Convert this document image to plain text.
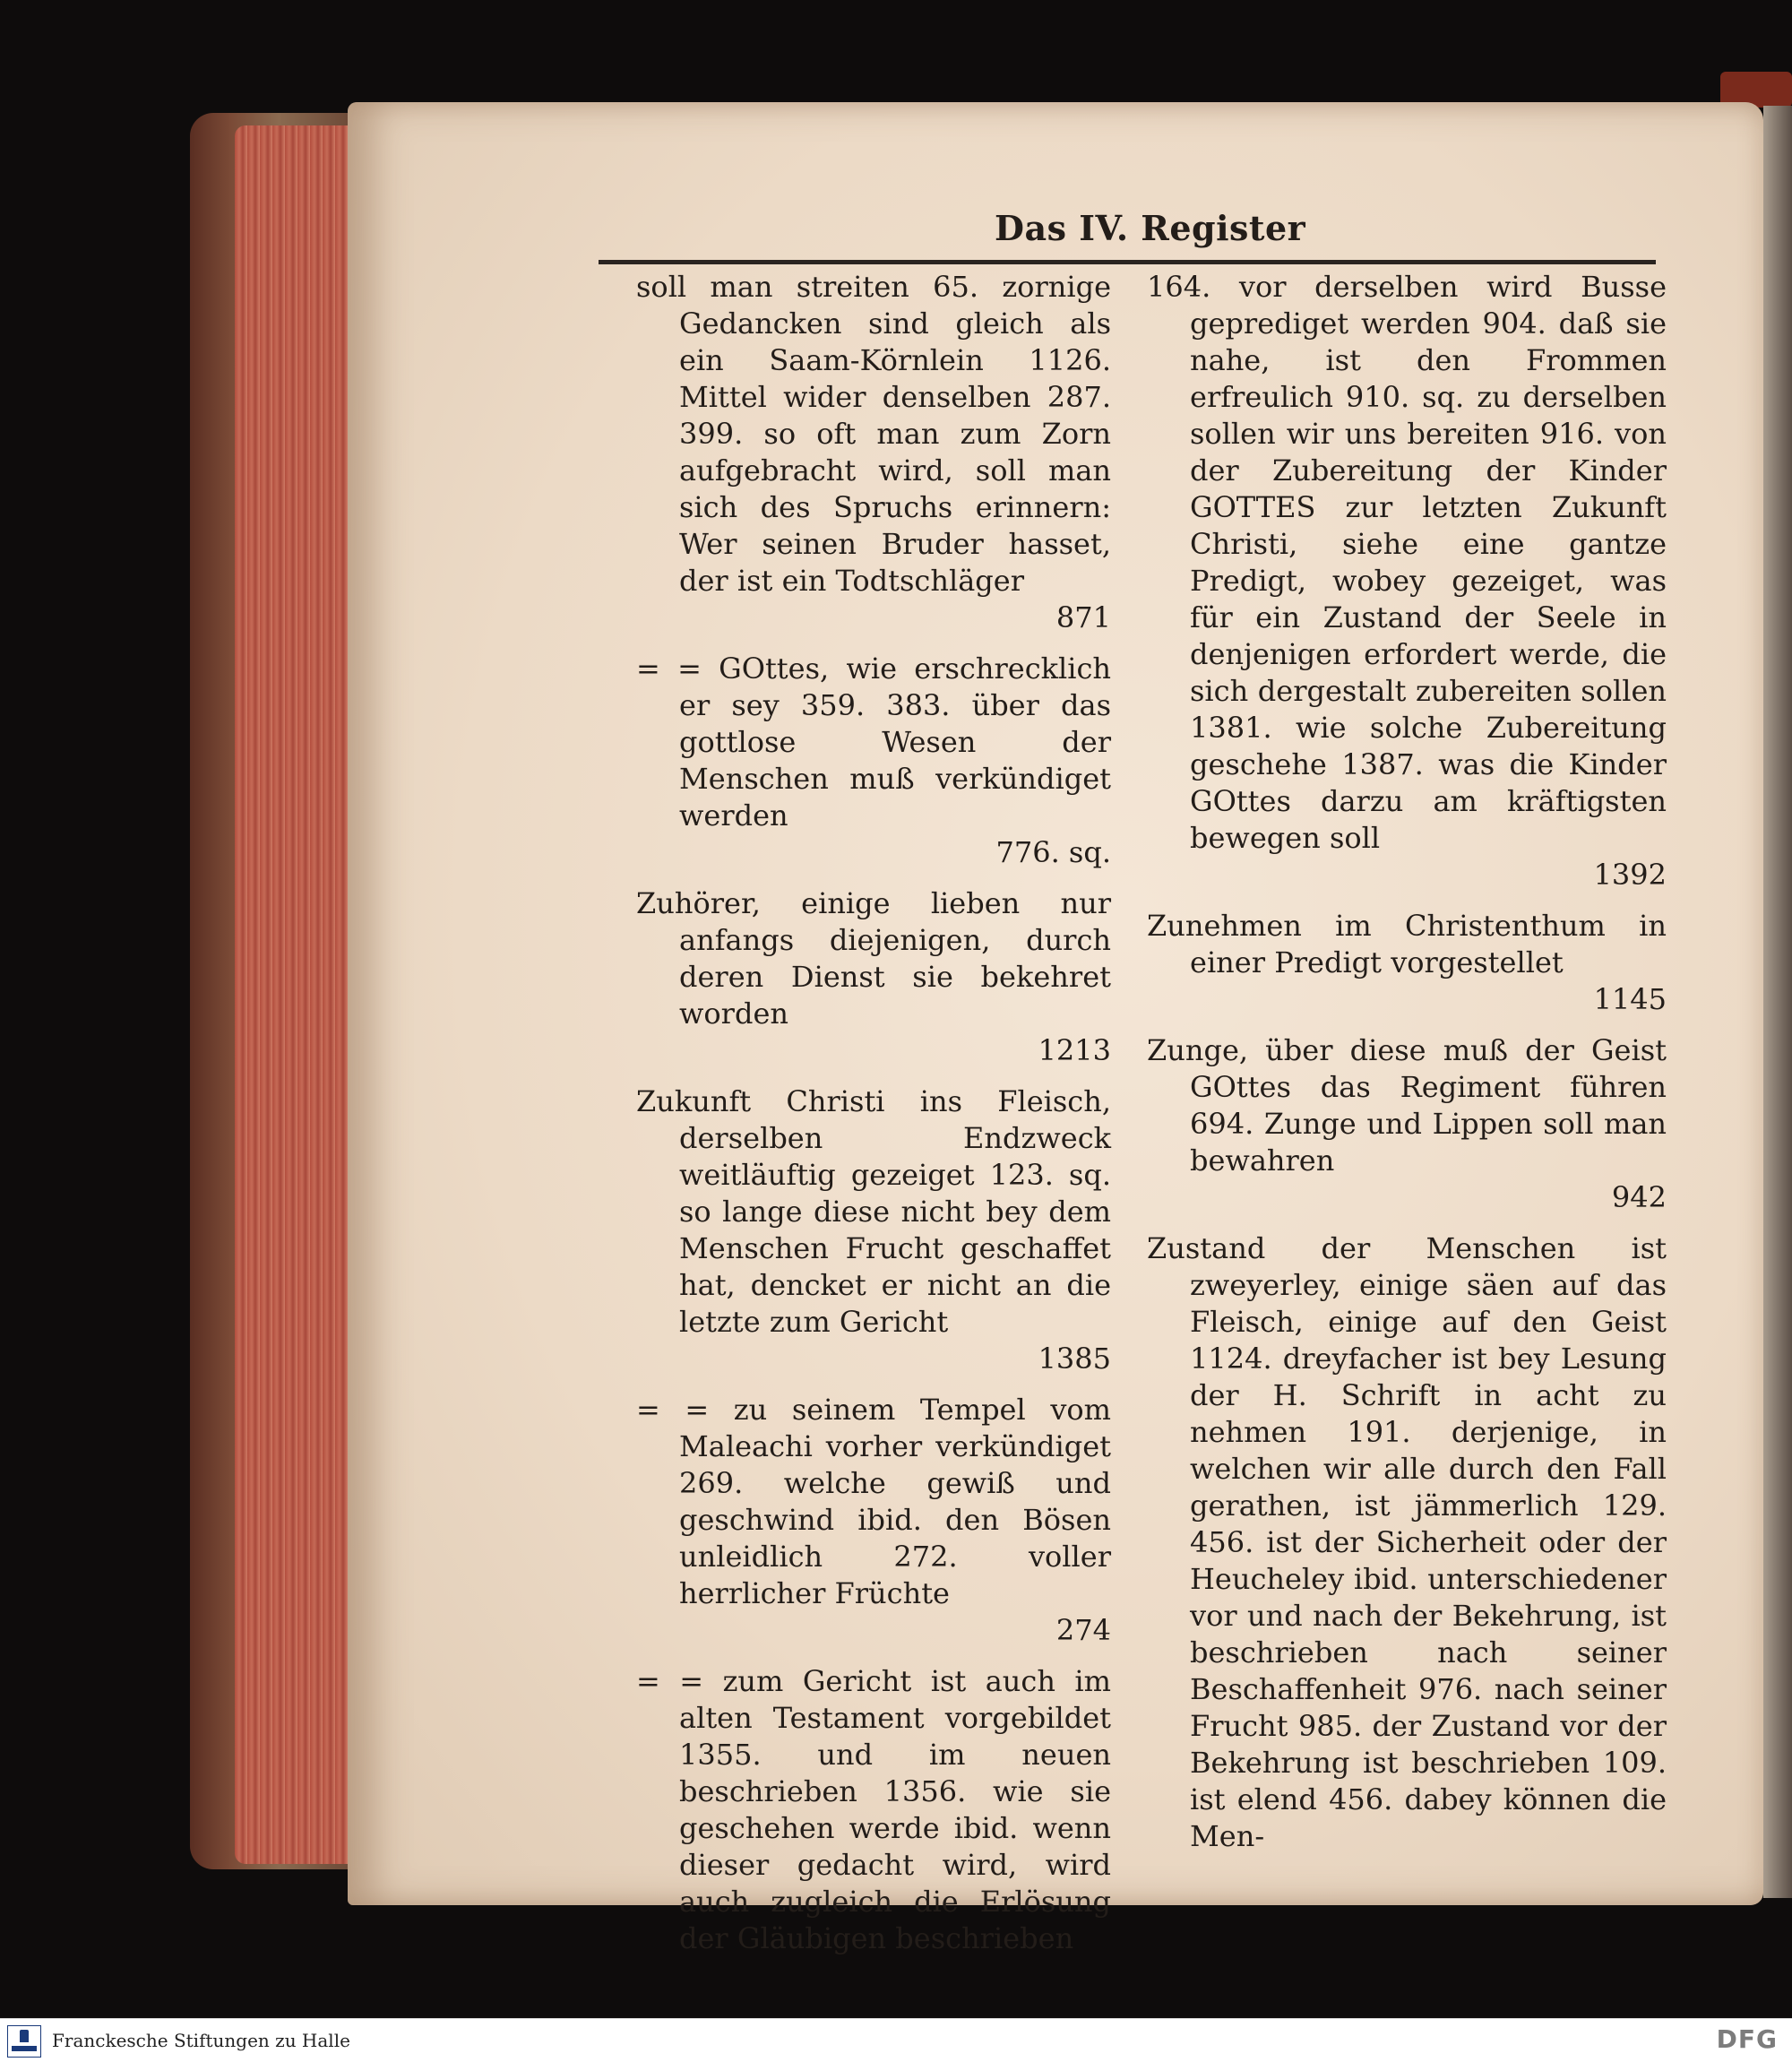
Das IV. Register
soll man streiten 65. zornige Gedancken sind gleich als ein Saam-Körnlein 1126. Mittel wider denselben 287. 399. so oft man zum Zorn aufgebracht wird, soll man sich des Spruchs erinnern: Wer seinen Bruder hasset, der ist ein Todtschläger
871
= = GOttes, wie erschrecklich er sey 359. 383. über das gottlose Wesen der Menschen muß verkündiget werden
776. sq.
Zuhörer, einige lieben nur anfangs diejenigen, durch deren Dienst sie bekehret worden
1213
Zukunft Christi ins Fleisch, derselben Endzweck weitläuftig gezeiget 123. sq. so lange diese nicht bey dem Menschen Frucht geschaffet hat, dencket er nicht an die letzte zum Gericht
1385
= = zu seinem Tempel vom Maleachi vorher verkündiget 269. welche gewiß und geschwind ibid. den Bösen unleidlich 272. voller herrlicher Früchte
274
= = zum Gericht ist auch im alten Testament vorgebildet 1355. und im neuen beschrieben 1356. wie sie geschehen werde ibid. wenn dieser gedacht wird, wird auch zugleich die Erlösung der Gläubigen beschrieben
164. vor derselben wird Busse geprediget werden 904. daß sie nahe, ist den Frommen erfreulich 910. sq. zu derselben sollen wir uns bereiten 916. von der Zubereitung der Kinder GOTTES zur letzten Zukunft Christi, siehe eine gantze Predigt, wobey gezeiget, was für ein Zustand der Seele in denjenigen erfordert werde, die sich dergestalt zubereiten sollen 1381. wie solche Zubereitung geschehe 1387. was die Kinder GOttes darzu am kräftigsten bewegen soll
1392
Zunehmen im Christenthum in einer Predigt vorgestellet
1145
Zunge, über diese muß der Geist GOttes das Regiment führen 694. Zunge und Lippen soll man bewahren
942
Zustand der Menschen ist zweyerley, einige säen auf das Fleisch, einige auf den Geist 1124. dreyfacher ist bey Lesung der H. Schrift in acht zu nehmen 191. derjenige, in welchen wir alle durch den Fall gerathen, ist jämmerlich 129. 456. ist der Sicherheit oder der Heucheley ibid. unterschiedener vor und nach der Bekehrung, ist beschrieben nach seiner Beschaffenheit 976. nach seiner Frucht 985. der Zustand vor der Bekehrung ist beschrieben 109. ist elend 456. dabey können die Men-
Franckesche Stiftungen zu Halle	DFG
